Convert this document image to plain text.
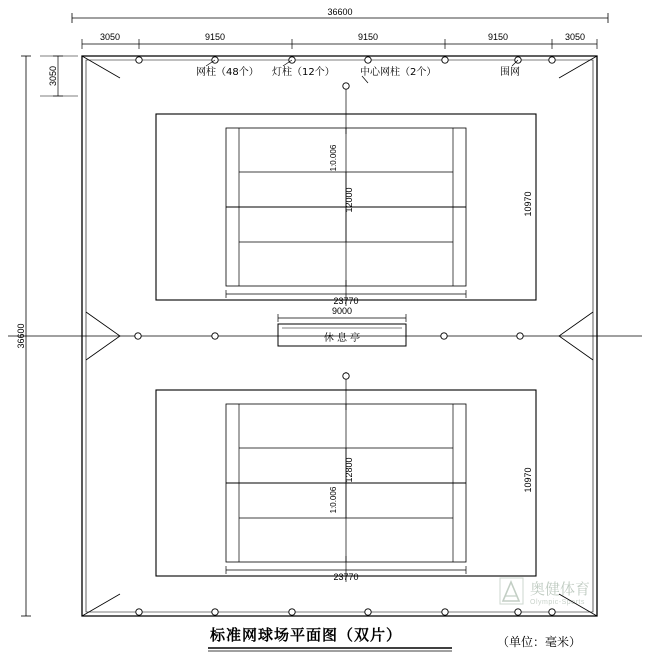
奥健体育
Olympic-Sports
36600
3050	9150	9150	9150	3050
36600
3050	网柱（48个） 灯柱（12个）	中心网柱（2个）	围网
12000
1:0.006
10970
23770
休 息 亭
9000
12800
1:0.006
10970
23770
标准网球场平面图（双片）	（单位：毫米）
